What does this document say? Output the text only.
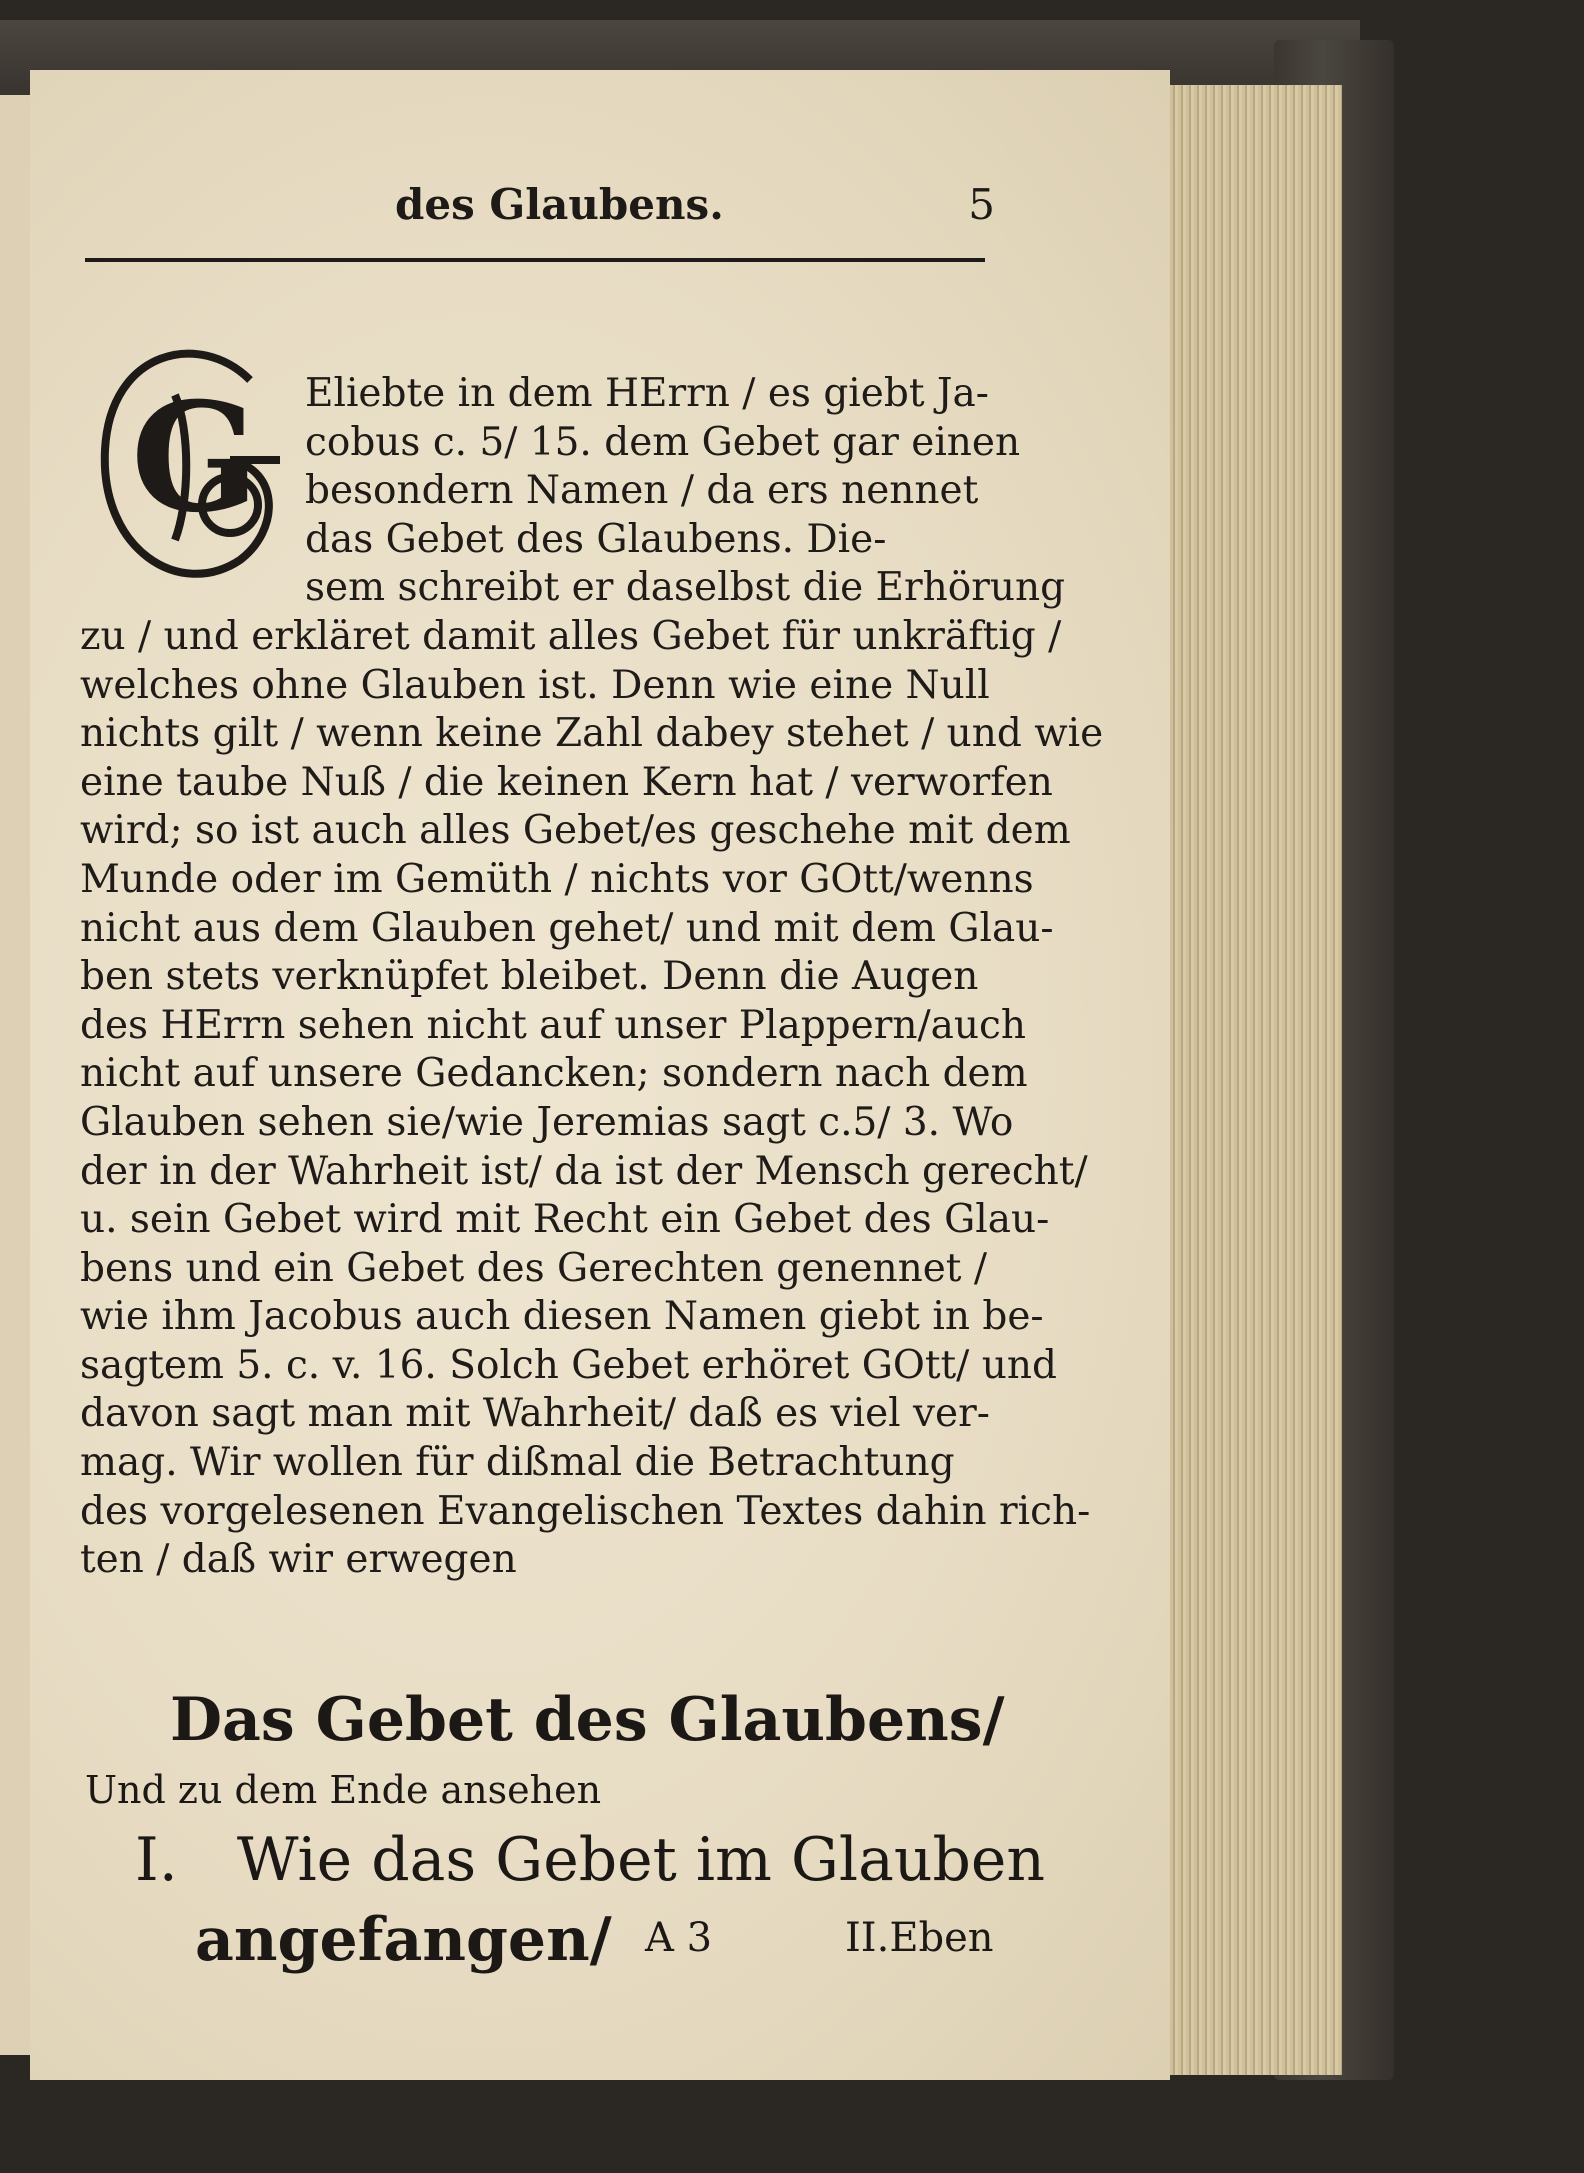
des Glaubens.	5
G	Eliebte in dem HErrn / es giebt Ja-
cobus c. 5/ 15. dem Gebet gar einen
besondern Namen / da ers nennet
das Gebet des Glaubens. Die-
sem schreibt er daselbst die Erhörung
zu / und erkläret damit alles Gebet für unkräftig /
welches ohne Glauben ist. Denn wie eine Null
nichts gilt / wenn keine Zahl dabey stehet / und wie
eine taube Nuß / die keinen Kern hat / verworfen
wird; so ist auch alles Gebet/es geschehe mit dem
Munde oder im Gemüth / nichts vor GOtt/wenns
nicht aus dem Glauben gehet/ und mit dem Glau-
ben stets verknüpfet bleibet. Denn die Augen
des HErrn sehen nicht auf unser Plappern/auch
nicht auf unsere Gedancken; sondern nach dem
Glauben sehen sie/wie Jeremias sagt c.5/ 3. Wo
der in der Wahrheit ist/ da ist der Mensch gerecht/
u. sein Gebet wird mit Recht ein Gebet des Glau-
bens und ein Gebet des Gerechten genennet /
wie ihm Jacobus auch diesen Namen giebt in be-
sagtem 5. c. v. 16. Solch Gebet erhöret GOtt/ und
davon sagt man mit Wahrheit/ daß es viel ver-
mag. Wir wollen für dißmal die Betrachtung
des vorgelesenen Evangelischen Textes dahin rich-
ten / daß wir erwegen
Das Gebet des Glaubens/
Und zu dem Ende ansehen
I. Wie das Gebet im Glauben
angefangen/ A 3	II.Eben
